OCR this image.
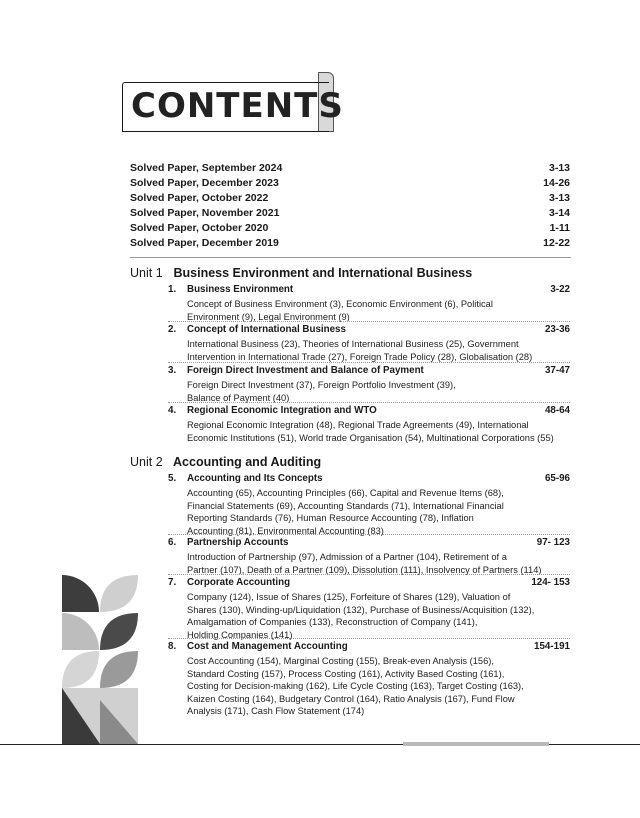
CONTENTS
Solved Paper, September 2024	3-13
Solved Paper, December 2023	14-26
Solved Paper, October 2022	3-13
Solved Paper, November 2021	3-14
Solved Paper, October 2020	1-11
Solved Paper, December 2019	12-22
Unit 1 Business Environment and International Business
1.	Business Environment	3-22
Concept of Business Environment (3), Economic Environment (6), Political
Environment (9), Legal Environment (9)
2.	Concept of International Business	23-36
International Business (23), Theories of International Business (25), Government
Intervention in International Trade (27), Foreign Trade Policy (28), Globalisation (28)
3.	Foreign Direct Investment and Balance of Payment	37-47
Foreign Direct Investment (37), Foreign Portfolio Investment (39),
Balance of Payment (40)
4.	Regional Economic Integration and WTO	48-64
Regional Economic Integration (48), Regional Trade Agreements (49), International
Economic Institutions (51), World trade Organisation (54), Multinational Corporations (55)
Unit 2 Accounting and Auditing
5.	Accounting and Its Concepts	65-96
Accounting (65), Accounting Principles (66), Capital and Revenue Items (68),
Financial Statements (69), Accounting Standards (71), International Financial
Reporting Standards (76), Human Resource Accounting (78), Inflation
Accounting (81), Environmental Accounting (83)
6.	Partnership Accounts	97- 123
Introduction of Partnership (97), Admission of a Partner (104), Retirement of a
Partner (107), Death of a Partner (109), Dissolution (111), Insolvency of Partners (114)
7.	Corporate Accounting	124- 153
Company (124), Issue of Shares (125), Forfeiture of Shares (129), Valuation of
Shares (130), Winding-up/Liquidation (132), Purchase of Business/Acquisition (132),
Amalgamation of Companies (133), Reconstruction of Company (141),
Holding Companies (141)
8.	Cost and Management Accounting	154-191
Cost Accounting (154), Marginal Costing (155), Break-even Analysis (156),
Standard Costing (157), Process Costing (161), Activity Based Costing (161),
Costing for Decision-making (162), Life Cycle Costing (163), Target Costing (163),
Kaizen Costing (164), Budgetary Control (164), Ratio Analysis (167), Fund Flow
Analysis (171), Cash Flow Statement (174)
